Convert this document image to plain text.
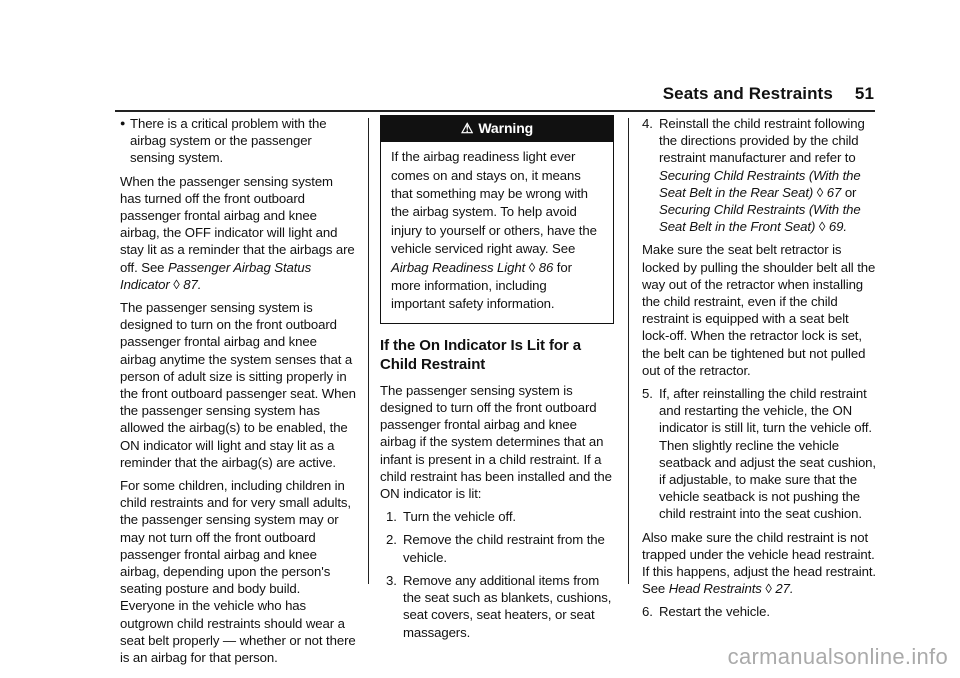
Seats and Restraints 51
● There is a critical problem with the airbag system or the passenger sensing system.

When the passenger sensing system has turned off the front outboard passenger frontal airbag and knee airbag, the OFF indicator will light and stay lit as a reminder that the airbags are off. See Passenger Airbag Status Indicator ◊ 87.

The passenger sensing system is designed to turn on the front outboard passenger frontal airbag and knee airbag anytime the system senses that a person of adult size is sitting properly in the front outboard passenger seat. When the passenger sensing system has allowed the airbag(s) to be enabled, the ON indicator will light and stay lit as a reminder that the airbag(s) are active.

For some children, including children in child restraints and for very small adults, the passenger sensing system may or may not turn off the front outboard passenger frontal airbag and knee airbag, depending upon the person's seating posture and body build. Everyone in the vehicle who has outgrown child restraints should wear a seat belt properly — whether or not there is an airbag for that person.

⚠ Warning
If the airbag readiness light ever comes on and stays on, it means that something may be wrong with the airbag system. To help avoid injury to yourself or others, have the vehicle serviced right away. See Airbag Readiness Light ◊ 86 for more information, including important safety information.
If the On Indicator Is Lit for a Child Restraint

The passenger sensing system is designed to turn off the front outboard passenger frontal airbag and knee airbag if the system determines that an infant is present in a child restraint. If a child restraint has been installed and the ON indicator is lit:

1. Turn the vehicle off.
2. Remove the child restraint from the vehicle.
3. Remove any additional items from the seat such as blankets, cushions, seat covers, seat heaters, or seat massagers.
4. Reinstall the child restraint following the directions provided by the child restraint manufacturer and refer to Securing Child Restraints (With the Seat Belt in the Rear Seat) ◊ 67 or
Securing Child Restraints (With the Seat Belt in the Front Seat) ◊ 69.

Make sure the seat belt retractor is locked by pulling the shoulder belt all the way out of the retractor when installing the child restraint, even if the child restraint is equipped with a seat belt lock-off. When the retractor lock is set, the belt can be tightened but not pulled out of the retractor.

5. If, after reinstalling the child restraint and restarting the vehicle, the ON indicator is still lit, turn the vehicle off. Then slightly recline the vehicle seatback and adjust the seat cushion, if adjustable, to make sure that the vehicle seatback is not pushing the child restraint into the seat cushion.

Also make sure the child restraint is not trapped under the vehicle head restraint. If this happens, adjust the head restraint. See Head Restraints ◊ 27.

6. Restart the vehicle.
carmanualsonline.info
